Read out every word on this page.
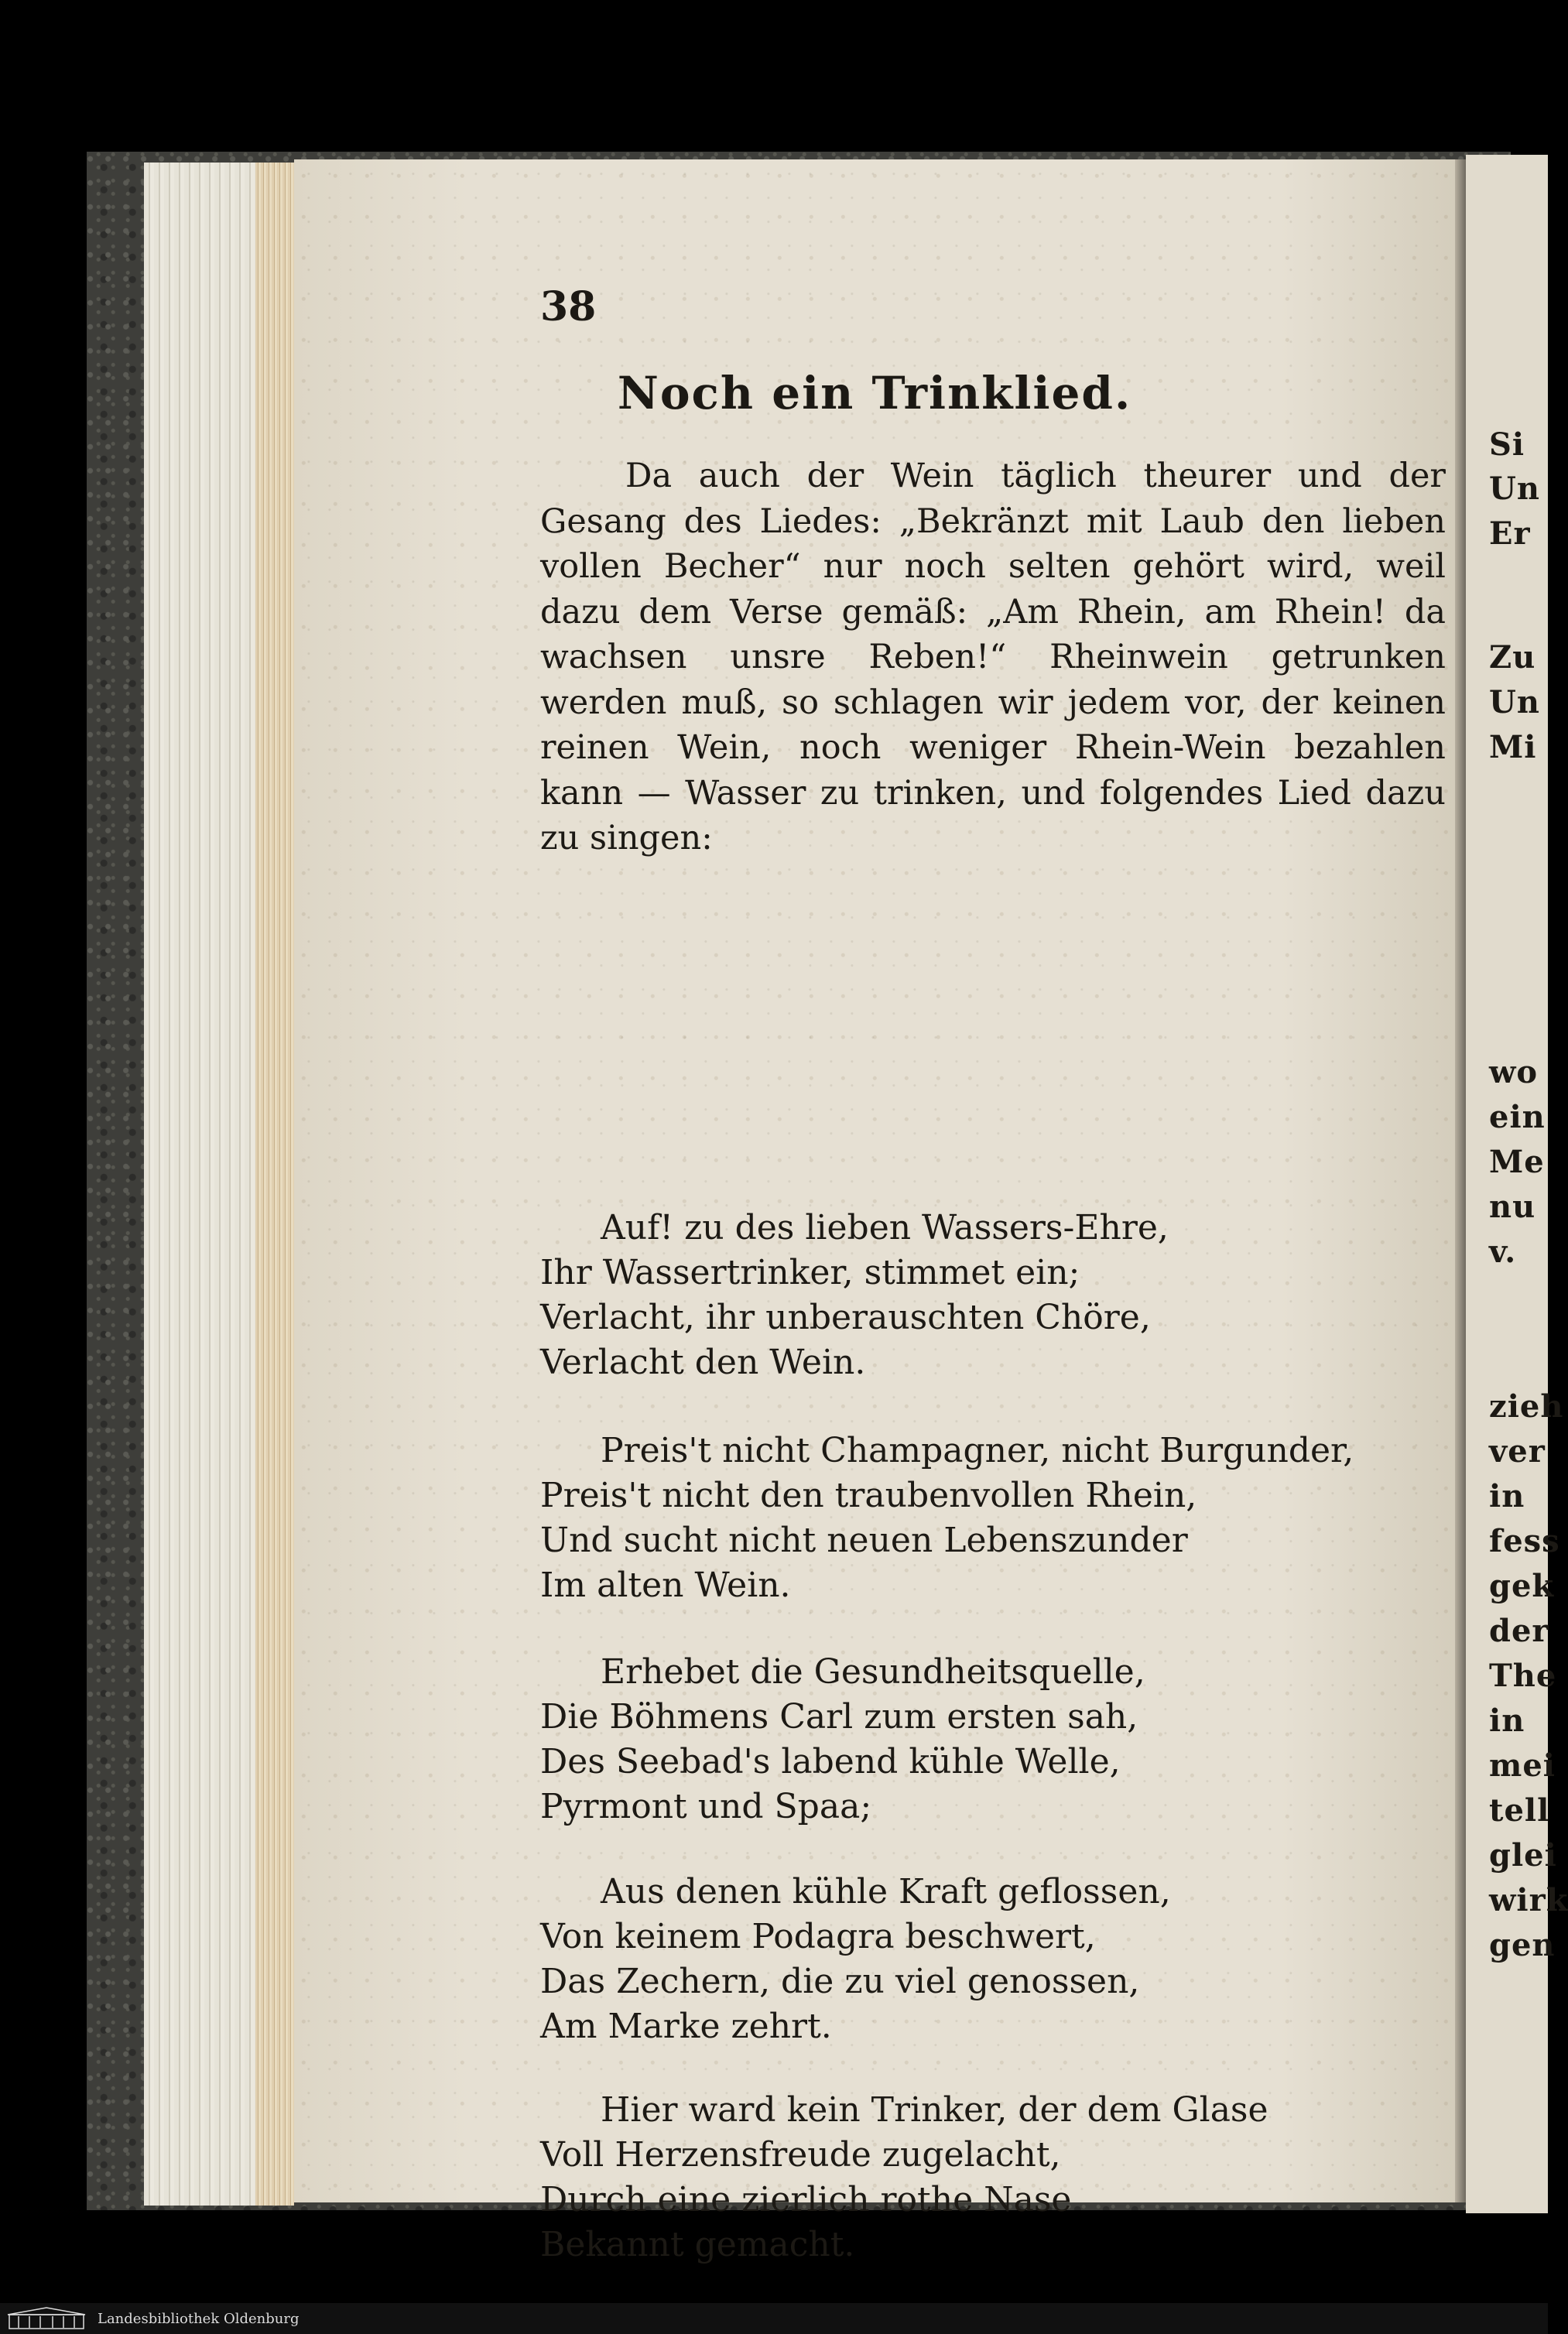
38
Noch ein Trinklied.

Da auch der Wein täglich theurer und der Gesang des Liedes: „Bekränzt mit Laub den lieben vollen Becher“ nur noch selten gehört wird, weil dazu dem Verse gemäß: „Am Rhein, am Rhein! da wachsen unsre Reben!“ Rheinwein getrunken werden muß, so schlagen wir jedem vor, der keinen reinen Wein, noch weniger Rhein-Wein bezahlen kann — Wasser zu trinken, und folgendes Lied dazu zu singen:

Auf! zu des lieben Wassers-Ehre,
Ihr Wassertrinker, stimmet ein;
Verlacht, ihr unberauschten Chöre,
Verlacht den Wein.
Preis't nicht Champagner, nicht Burgunder,
Preis't nicht den traubenvollen Rhein,
Und sucht nicht neuen Lebenszunder
Im alten Wein.
Erhebet die Gesundheitsquelle,
Die Böhmens Carl zum ersten sah,
Des Seebad's labend kühle Welle,
Pyrmont und Spaa;
Aus denen kühle Kraft geflossen,
Von keinem Podagra beschwert,
Das Zechern, die zu viel genossen,
Am Marke zehrt.
Hier ward kein Trinker, der dem Glase
Voll Herzensfreude zugelacht,
Durch eine zierlich rothe Nase
Bekannt gemacht.
Si
Un
Er
Zu
Un
Mi
wo
ein
Me
nu
v.
zieh
ver
in
fess
gek
der
The
in
mei
tell
glei
wirk
gen
Landesbibliothek Oldenburg
